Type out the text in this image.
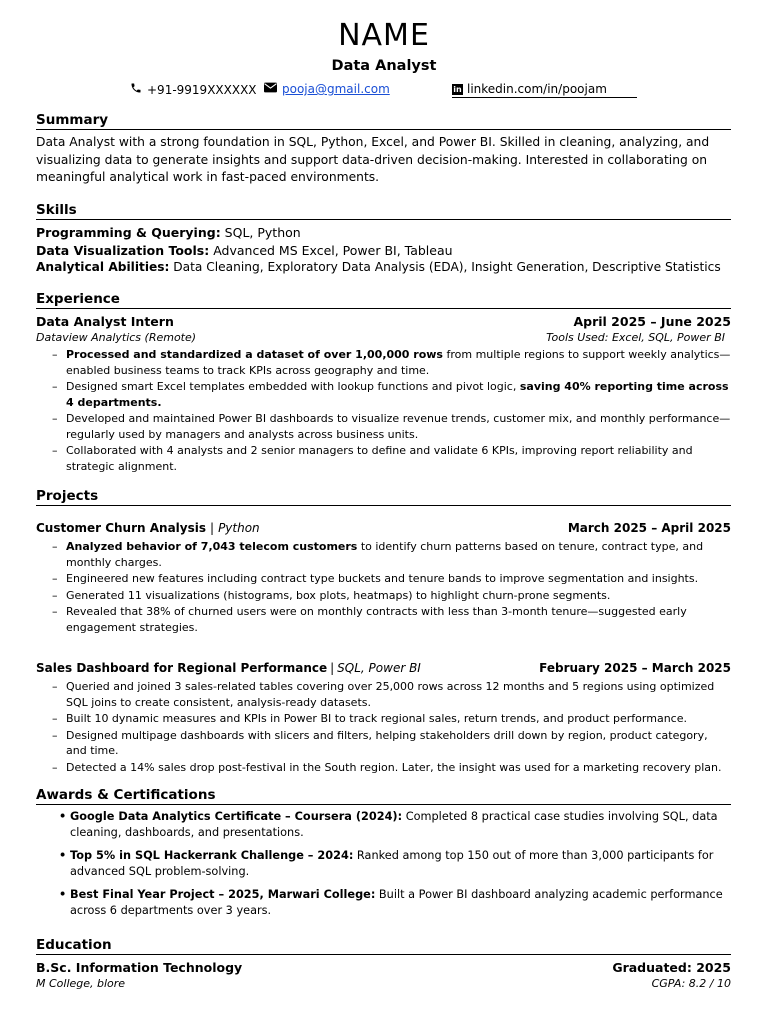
NAME
Data Analyst
+91-9919XXXXXX pooja@gmail.com	in linkedin.com/in/poojam
Summary
Data Analyst with a strong foundation in SQL, Python, Excel, and Power BI. Skilled in cleaning, analyzing, and visualizing data to generate insights and support data-driven decision-making. Interested in collaborating on meaningful analytical work in fast-paced environments.
Skills
Programming & Querying: SQL, Python
Data Visualization Tools: Advanced MS Excel, Power BI, Tableau
Analytical Abilities: Data Cleaning, Exploratory Data Analysis (EDA), Insight Generation, Descriptive Statistics
Experience
Data Analyst Intern	April 2025 – June 2025
Dataview Analytics (Remote)	Tools Used: Excel, SQL, Power BI
– Processed and standardized a dataset of over 1,00,000 rows from multiple regions to support weekly analytics—enabled business teams to track KPIs across geography and time.
– Designed smart Excel templates embedded with lookup functions and pivot logic, saving 40% reporting time across 4 departments.
– Developed and maintained Power BI dashboards to visualize revenue trends, customer mix, and monthly performance—regularly used by managers and analysts across business units.
– Collaborated with 4 analysts and 2 senior managers to define and validate 6 KPIs, improving report reliability and strategic alignment.
Projects
Customer Churn Analysis | Python	March 2025 – April 2025
– Analyzed behavior of 7,043 telecom customers to identify churn patterns based on tenure, contract type, and monthly charges.
– Engineered new features including contract type buckets and tenure bands to improve segmentation and insights.
– Generated 11 visualizations (histograms, box plots, heatmaps) to highlight churn-prone segments.
– Revealed that 38% of churned users were on monthly contracts with less than 3-month tenure—suggested early engagement strategies.
Sales Dashboard for Regional Performance | SQL, Power BI	February 2025 – March 2025
– Queried and joined 3 sales-related tables covering over 25,000 rows across 12 months and 5 regions using optimized SQL joins to create consistent, analysis-ready datasets.
– Built 10 dynamic measures and KPIs in Power BI to track regional sales, return trends, and product performance.
– Designed multipage dashboards with slicers and filters, helping stakeholders drill down by region, product category, and time.
– Detected a 14% sales drop post-festival in the South region. Later, the insight was used for a marketing recovery plan.
Awards & Certifications
• Google Data Analytics Certificate – Coursera (2024): Completed 8 practical case studies involving SQL, data cleaning, dashboards, and presentations.
• Top 5% in SQL Hackerrank Challenge – 2024: Ranked among top 150 out of more than 3,000 participants for advanced SQL problem-solving.
• Best Final Year Project – 2025, Marwari College: Built a Power BI dashboard analyzing academic performance across 6 departments over 3 years.
Education
B.Sc. Information Technology	Graduated: 2025
M College, blore	CGPA: 8.2 / 10
